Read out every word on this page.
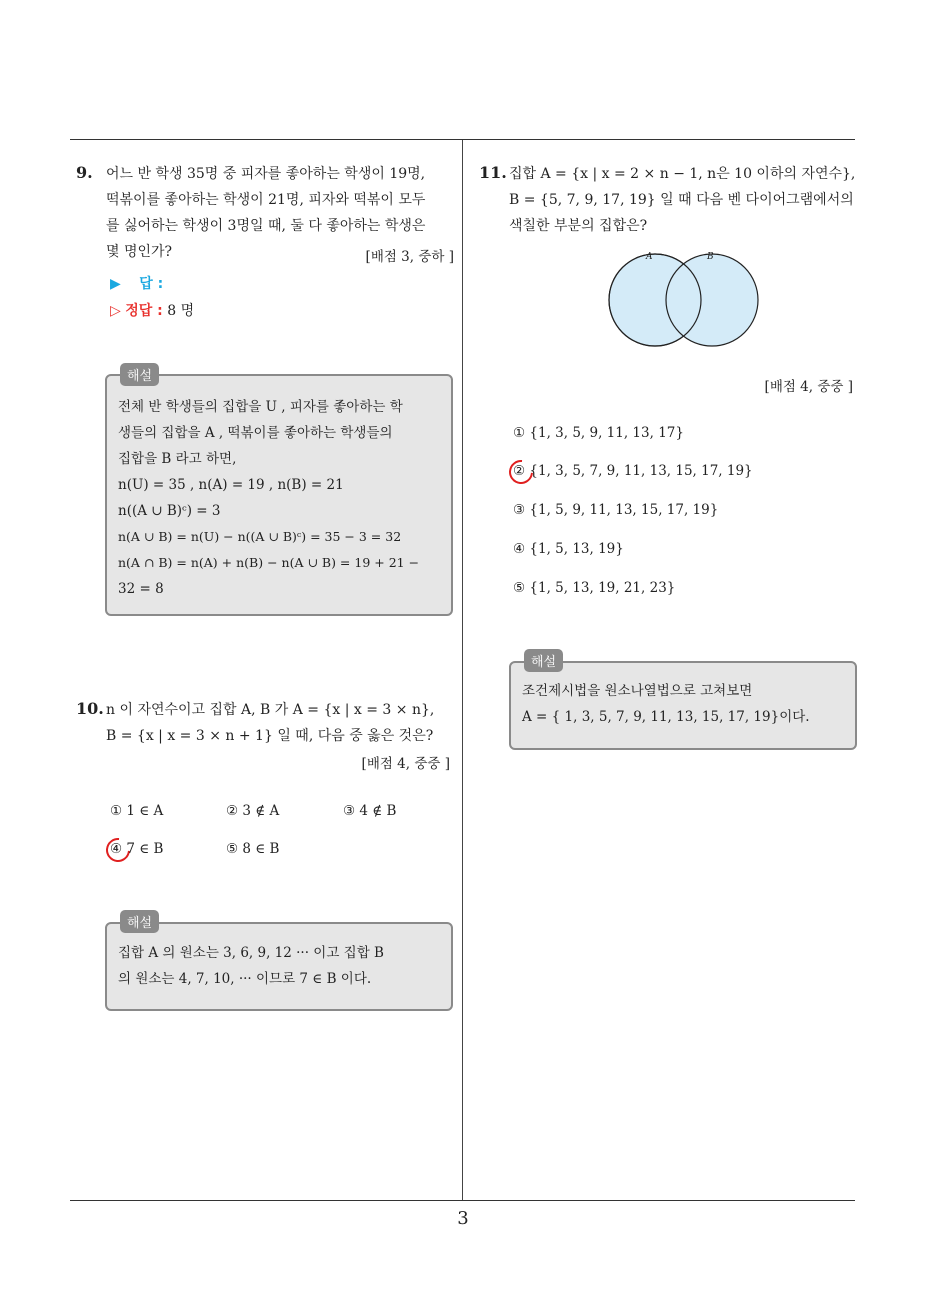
9. 어느 반 학생 35명 중 피자를 좋아하는 학생이 19명,
떡볶이를 좋아하는 학생이 21명, 피자와 떡볶이 모두
를 싫어하는 학생이 3명일 때, 둘 다 좋아하는 학생은
몇 명인가?	[배점 3, 중하 ]
▶ 답 :
▷ 정답 : 8 명
해설
전체 반 학생들의 집합을 U , 피자를 좋아하는 학
생들의 집합을 A , 떡볶이를 좋아하는 학생들의
집합을 B 라고 하면,
n(U) = 35 , n(A) = 19 , n(B) = 21
n((A ∪ B)ᶜ) = 3
n(A ∪ B) = n(U) − n((A ∪ B)ᶜ) = 35 − 3 = 32
n(A ∩ B) = n(A) + n(B) − n(A ∪ B) = 19 + 21 −
32 = 8
10. n 이 자연수이고 집합 A, B 가 A = {x | x = 3 × n},
B = {x | x = 3 × n + 1} 일 때, 다음 중 옳은 것은?
[배점 4, 중중 ]
① 1 ∈ A	② 3 ∉ A	③ 4 ∉ B
④ 7 ∈ B	⑤ 8 ∈ B
해설
집합 A 의 원소는 3, 6, 9, 12 ··· 이고 집합 B
의 원소는 4, 7, 10, ··· 이므로 7 ∈ B 이다.
11. 집합 A = {x | x = 2 × n − 1, n은 10 이하의 자연수},
B = {5, 7, 9, 17, 19} 일 때 다음 벤 다이어그램에서의
색칠한 부분의 집합은?
A	B
[배점 4, 중중 ]
① {1, 3, 5, 9, 11, 13, 17}
② {1, 3, 5, 7, 9, 11, 13, 15, 17, 19}
③ {1, 5, 9, 11, 13, 15, 17, 19}
④ {1, 5, 13, 19}
⑤ {1, 5, 13, 19, 21, 23}
해설
조건제시법을 원소나열법으로 고쳐보면
A = { 1, 3, 5, 7, 9, 11, 13, 15, 17, 19}이다.
3
